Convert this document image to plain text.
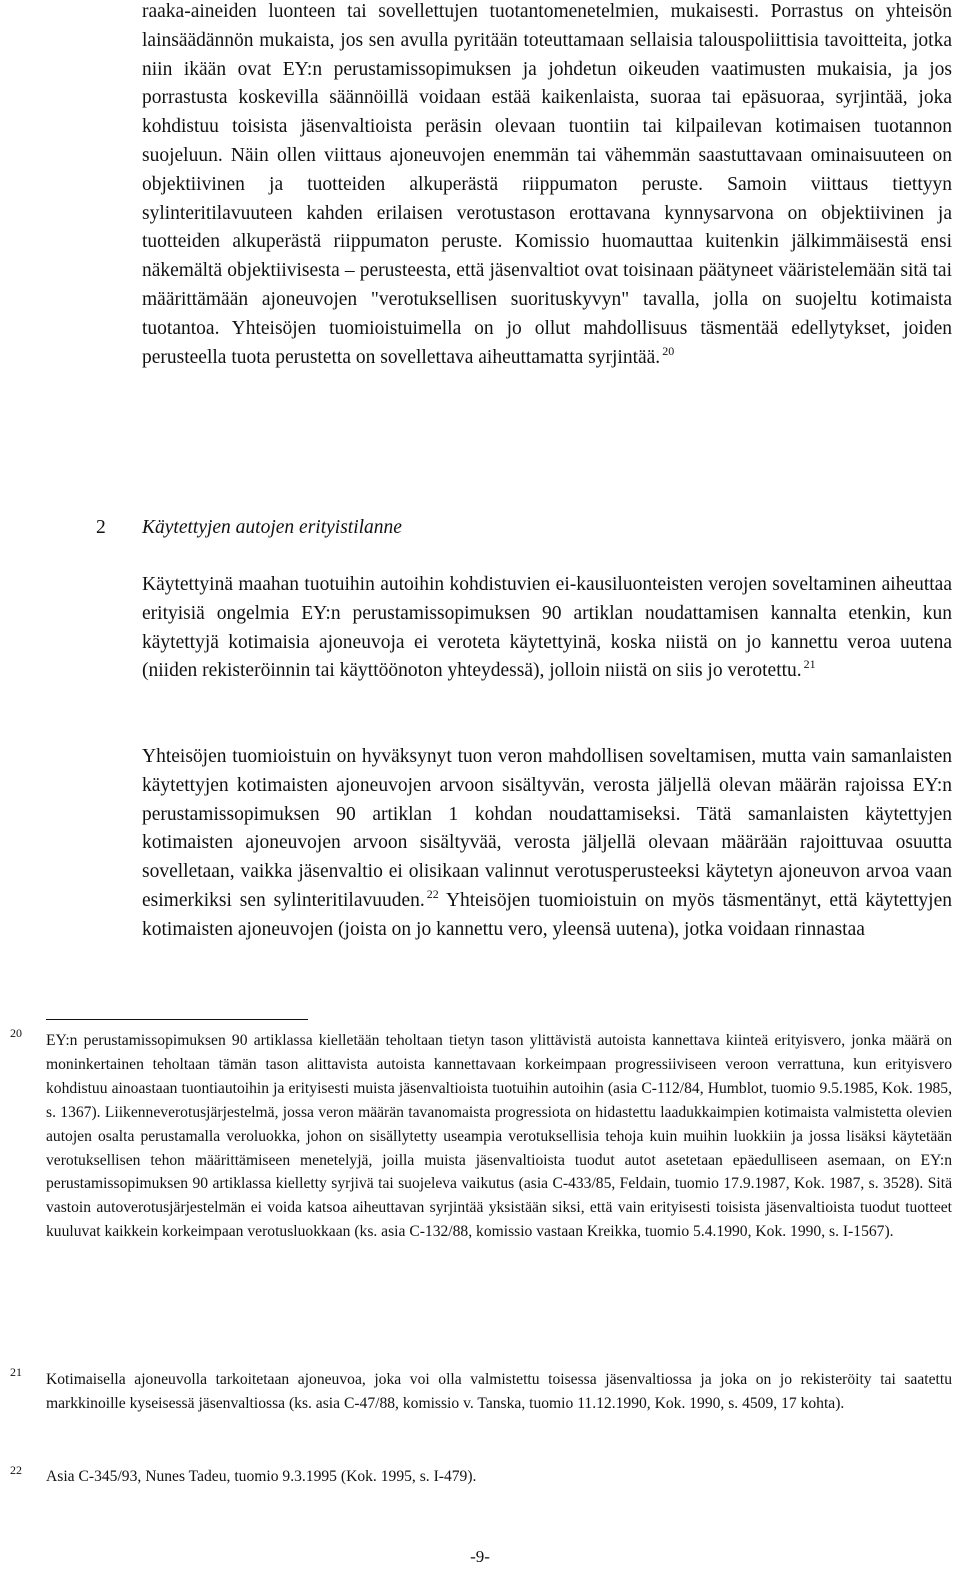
raaka-aineiden luonteen tai sovellettujen tuotantomenetelmien, mukaisesti. Porrastus on yhteisön lainsäädännön mukaista, jos sen avulla pyritään toteuttamaan sellaisia talouspoliittisia tavoitteita, jotka niin ikään ovat EY:n perustamissopimuksen ja johdetun oikeuden vaatimusten mukaisia, ja jos porrastusta koskevilla säännöillä voidaan estää kaikenlaista, suoraa tai epäsuoraa, syrjintää, joka kohdistuu toisista jäsenvaltioista peräsin olevaan tuontiin tai kilpailevan kotimaisen tuotannon suojeluun. Näin ollen viittaus ajoneuvojen enemmän tai vähemmän saastuttavaan ominaisuuteen on objektiivinen ja tuotteiden alkuperästä riippumaton peruste. Samoin viittaus tiettyyn sylinteritilavuuteen kahden erilaisen verotustason erottavana kynnysarvona on objektiivinen ja tuotteiden alkuperästä riippumaton peruste. Komissio huomauttaa kuitenkin jälkimmäisestä ensi näkemältä objektiivisesta – perusteesta, että jäsenvaltiot ovat toisinaan päätyneet vääristelemään sitä tai määrittämään ajoneuvojen "verotuksellisen suorituskyvyn" tavalla, jolla on suojeltu kotimaista tuotantoa. Yhteisöjen tuomioistuimella on jo ollut mahdollisuus täsmentää edellytykset, joiden perusteella tuota perustetta on sovellettava aiheuttamatta syrjintää. $^{20}$

2 Käytettyjen autojen erityistilanne

Käytettyinä maahan tuotuihin autoihin kohdistuvien ei-kausiluonteisten verojen soveltaminen aiheuttaa erityisiä ongelmia EY:n perustamissopimuksen 90 artiklan noudattamisen kannalta etenkin, kun käytettyjä kotimaisia ajoneuvoja ei veroteta käytettyinä, koska niistä on jo kannettu veroa uutena (niiden rekisteröinnin tai käyttöönoton yhteydessä), jolloin niistä on siis jo verotettu. $^{21}$

Yhteisöjen tuomioistuin on hyväksynyt tuon veron mahdollisen soveltamisen, mutta vain samanlaisten käytettyjen kotimaisten ajoneuvojen arvoon sisältyvän, verosta jäljellä olevan määrän rajoissa EY:n perustamissopimuksen 90 artiklan 1 kohdan noudattamiseksi. Tätä samanlaisten käytettyjen kotimaisten ajoneuvojen arvoon sisältyvää, verosta jäljellä olevaan määrään rajoittuvaa osuutta sovelletaan, vaikka jäsenvaltio ei olisikaan valinnut verotusperusteeksi käytetyn ajoneuvon arvoa vaan esimerkiksi sen sylinteritilavuuden. $^{22}$ Yhteisöjen tuomioistuin on myös täsmentänyt, että käytettyjen kotimaisten ajoneuvojen (joista on jo kannettu vero, yleensä uutena), jotka voidaan rinnastaa

20 EY:n perustamissopimuksen 90 artiklassa kielletään teholtaan tietyn tason ylittävistä autoista kannettava kiinteä erityisvero, jonka määrä on moninkertainen teholtaan tämän tason alittavista autoista kannettavaan korkeimpaan progressiiviseen veroon verrattuna, kun erityisvero kohdistuu ainoastaan tuontiautoihin ja erityisesti muista jäsenvaltioista tuotuihin autoihin (asia C-112/84, Humblot, tuomio 9.5.1985, Kok. 1985, s. 1367). Liikenneverotusjärjestelmä, jossa veron määrän tavanomaista progressiota on hidastettu laadukkaimpien kotimaista valmistetta olevien autojen osalta perustamalla veroluokka, johon on sisällytetty useampia verotuksellisia tehoja kuin muihin luokkiin ja jossa lisäksi käytetään verotuksellisen tehon määrittämiseen menetelyjä, joilla muista jäsenvaltioista tuodut autot asetetaan epäedulliseen asemaan, on EY:n perustamissopimuksen 90 artiklassa kielletty syrjivä tai suojeleva vaikutus (asia C-433/85, Feldain, tuomio 17.9.1987, Kok. 1987, s. 3528). Sitä vastoin autoverotusjärjestelmän ei voida katsoa aiheuttavan syrjintää yksistään siksi, että vain erityisesti toisista jäsenvaltioista tuodut tuotteet kuuluvat kaikkein korkeimpaan verotusluokkaan (ks. asia C-132/88, komissio vastaan Kreikka, tuomio 5.4.1990, Kok. 1990, s. I-1567).

21 Kotimaisella ajoneuvolla tarkoitetaan ajoneuvoa, joka voi olla valmistettu toisessa jäsenvaltiossa ja joka on jo rekisteröity tai saatettu markkinoille kyseisessä jäsenvaltiossa (ks. asia C-47/88, komissio v. Tanska, tuomio 11.12.1990, Kok. 1990, s. 4509, 17 kohta).

22 Asia C-345/93, Nunes Tadeu, tuomio 9.3.1995 (Kok. 1995, s. I-479).

-9-
